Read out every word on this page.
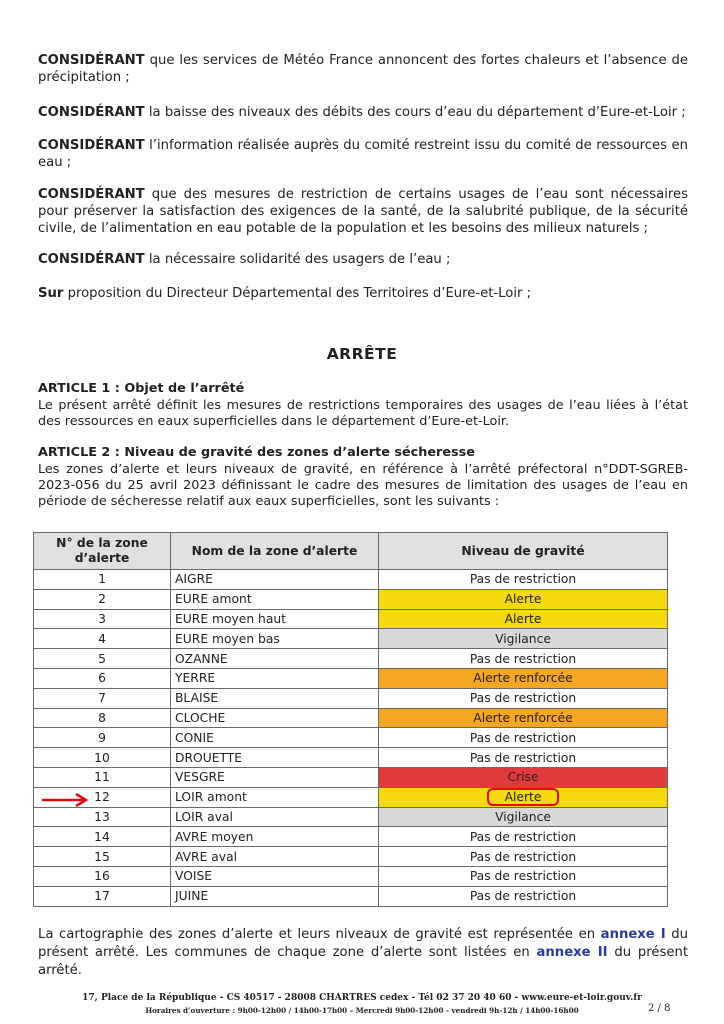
CONSIDÉRANT que les services de Météo France annoncent des fortes chaleurs et l’absence de précipitation ;

CONSIDÉRANT la baisse des niveaux des débits des cours d’eau du département d’Eure-et-Loir ;

CONSIDÉRANT l’information réalisée auprès du comité restreint issu du comité de ressources en eau ;

CONSIDÉRANT que des mesures de restriction de certains usages de l’eau sont nécessaires pour préserver la satisfaction des exigences de la santé, de la salubrité publique, de la sécurité civile, de l’alimentation en eau potable de la population et les besoins des milieux naturels ;

CONSIDÉRANT la nécessaire solidarité des usagers de l’eau ;

Sur proposition du Directeur Départemental des Territoires d’Eure-et-Loir ;

ARRÊTE
ARTICLE 1 : Objet de l’arrêté

Le présent arrêté définit les mesures de restrictions temporaires des usages de l’eau liées à l’état des ressources en eaux superficielles dans le département d’Eure-et-Loir.

ARTICLE 2 : Niveau de gravité des zones d’alerte sécheresse

Les zones d’alerte et leurs niveaux de gravité, en référence à l’arrêté préfectoral n°DDT-SGREB-2023-056 du 25 avril 2023 définissant le cadre des mesures de limitation des usages de l’eau en période de sécheresse relatif aux eaux superficielles, sont les suivants :

N° de la zone d’alerte	Nom de la zone d’alerte	Niveau de gravité
1	AIGRE	Pas de restriction
2	EURE amont	Alerte
3	EURE moyen haut	Alerte
4	EURE moyen bas	Vigilance
5	OZANNE	Pas de restriction
6	YERRE	Alerte renforcée
7	BLAISE	Pas de restriction
8	CLOCHE	Alerte renforcée
9	CONIE	Pas de restriction
10	DROUETTE	Pas de restriction
11	VESGRE	Crise
12	LOIR amont	Alerte
13	LOIR aval	Vigilance
14	AVRE moyen	Pas de restriction
15	AVRE aval	Pas de restriction
16	VOISE	Pas de restriction
17	JUINE	Pas de restriction

La cartographie des zones d’alerte et leurs niveaux de gravité est représentée en annexe I du présent arrêté. Les communes de chaque zone d’alerte sont listées en annexe II du présent arrêté.

17, Place de la République - CS 40517 - 28008 CHARTRES cedex - Tél 02 37 20 40 60 - www.eure-et-loir.gouv.fr
Horaires d’ouverture : 9h00-12h00 / 14h00-17h00 – Mercredi 9h00-12h00 - vendredi 9h-12h / 14h00-16h00	2 / 8
